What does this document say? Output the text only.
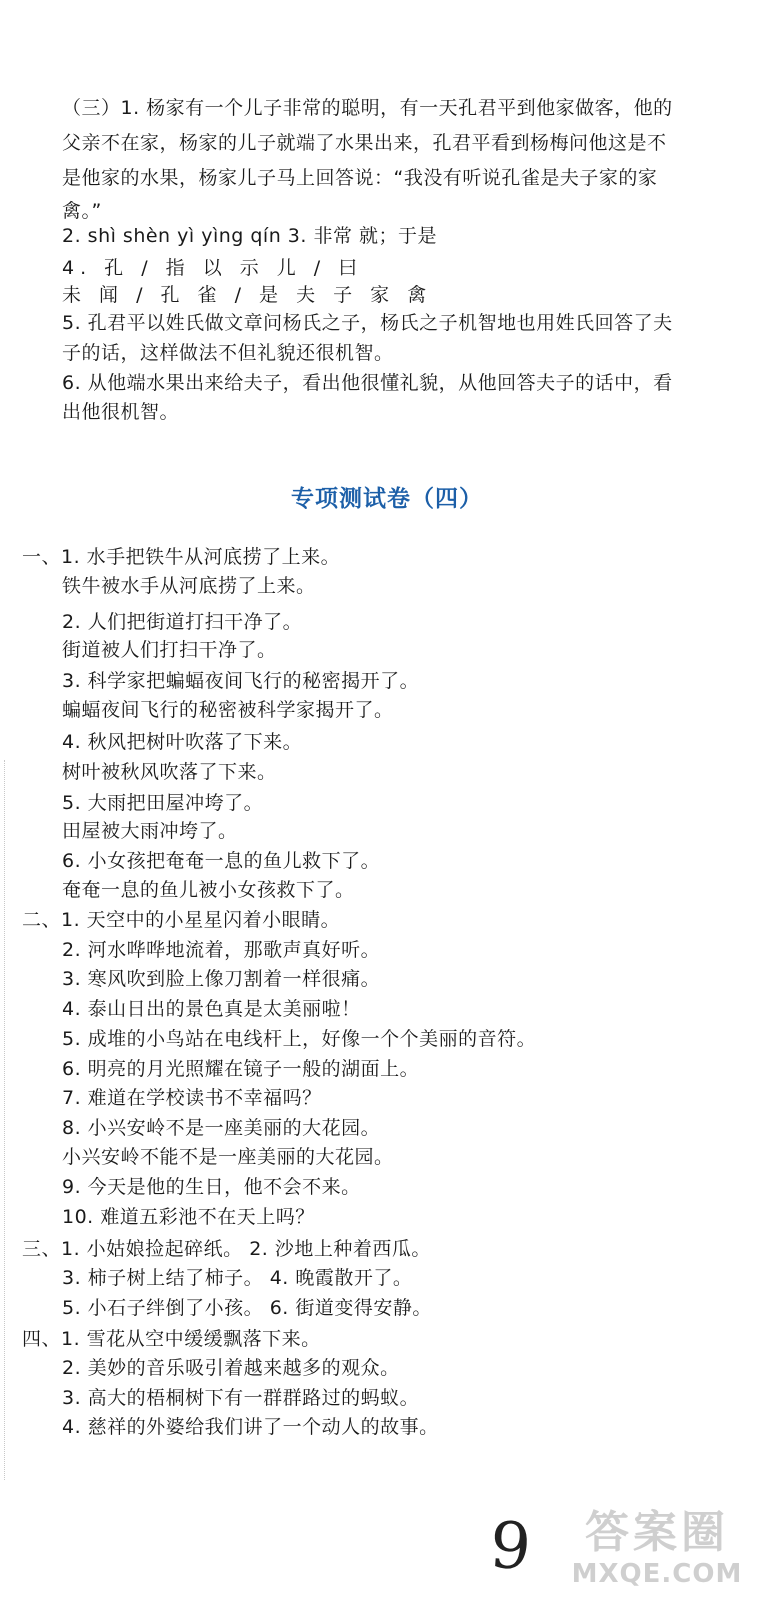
（三）1. 杨家有一个儿子非常的聪明，有一天孔君平到他家做客，他的
父亲不在家，杨家的儿子就端了水果出来，孔君平看到杨梅问他这是不
是他家的水果，杨家儿子马上回答说：“我没有听说孔雀是夫子家的家
禽。”
2. shì shèn yì yìng qín 3. 非常 就；于是
4. 孔 / 指 以 示 儿 / 曰
未 闻 / 孔 雀 / 是 夫 子 家 禽
5. 孔君平以姓氏做文章问杨氏之子，杨氏之子机智地也用姓氏回答了夫
子的话，这样做法不但礼貌还很机智。
6. 从他端水果出来给夫子，看出他很懂礼貌，从他回答夫子的话中，看
出他很机智。
专项测试卷（四）
一、1. 水手把铁牛从河底捞了上来。
铁牛被水手从河底捞了上来。
2. 人们把街道打扫干净了。
街道被人们打扫干净了。
3. 科学家把蝙蝠夜间飞行的秘密揭开了。
蝙蝠夜间飞行的秘密被科学家揭开了。
4. 秋风把树叶吹落了下来。
树叶被秋风吹落了下来。
5. 大雨把田屋冲垮了。
田屋被大雨冲垮了。
6. 小女孩把奄奄一息的鱼儿救下了。
奄奄一息的鱼儿被小女孩救下了。
二、1. 天空中的小星星闪着小眼睛。
2. 河水哗哗地流着，那歌声真好听。
3. 寒风吹到脸上像刀割着一样很痛。
4. 泰山日出的景色真是太美丽啦！
5. 成堆的小鸟站在电线杆上，好像一个个美丽的音符。
6. 明亮的月光照耀在镜子一般的湖面上。
7. 难道在学校读书不幸福吗？
8. 小兴安岭不是一座美丽的大花园。
小兴安岭不能不是一座美丽的大花园。
9. 今天是他的生日，他不会不来。
10. 难道五彩池不在天上吗？
三、1. 小姑娘捡起碎纸。 2. 沙地上种着西瓜。
3. 柿子树上结了柿子。 4. 晚霞散开了。
5. 小石子绊倒了小孩。 6. 街道变得安静。
四、1. 雪花从空中缓缓飘落下来。
2. 美妙的音乐吸引着越来越多的观众。
3. 高大的梧桐树下有一群群路过的蚂蚁。
4. 慈祥的外婆给我们讲了一个动人的故事。
9	答案圈
MXQE.COM
